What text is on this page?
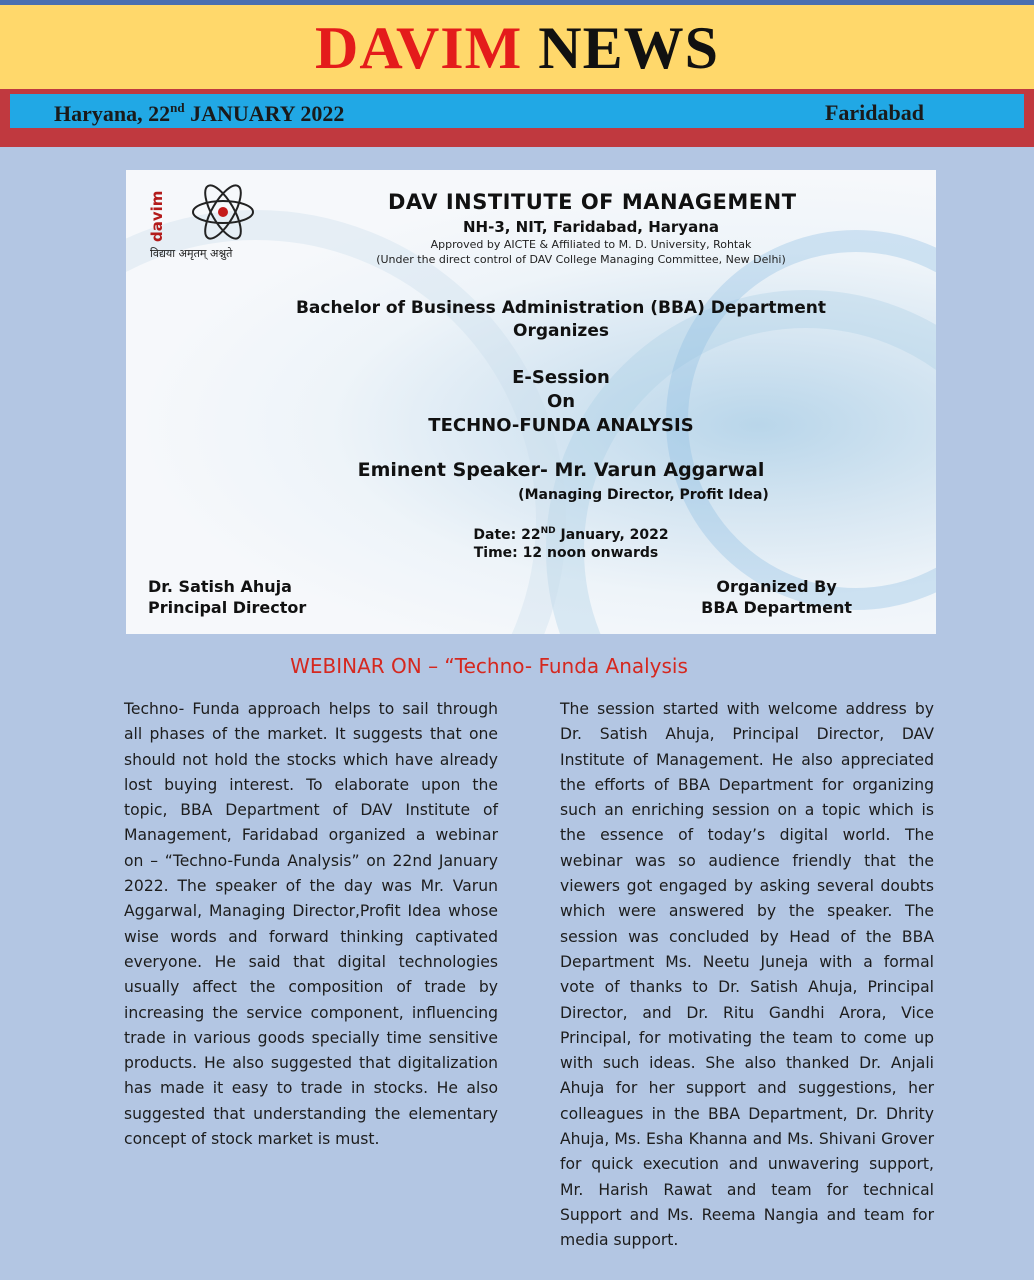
DAVIM NEWS
Haryana, 22nd JANUARY 2022	Faridabad
davim
विद्यया अमृतम् अश्नुते
DAV INSTITUTE OF MANAGEMENT
NH-3, NIT, Faridabad, Haryana
Approved by AICTE & Affiliated to M. D. University, Rohtak
(Under the direct control of DAV College Managing Committee, New Delhi)
Bachelor of Business Administration (BBA) Department
Organizes
E-Session
On
TECHNO-FUNDA ANALYSIS
Eminent Speaker- Mr. Varun Aggarwal
(Managing Director, Profit Idea)
Date: 22ND January, 2022
Time: 12 noon onwards
Dr. Satish Ahuja
Principal Director
Organized By
BBA Department
WEBINAR ON – “Techno- Funda Analysis
Techno- Funda approach helps to sail through all phases of the market. It suggests that one should not hold the stocks which have already lost buying interest. To elaborate upon the topic, BBA Department of DAV Institute of Management, Faridabad organized a webinar on – “Techno-Funda Analysis” on 22nd January 2022. The speaker of the day was Mr. Varun Aggarwal, Managing Director,Profit Idea whose wise words and forward thinking captivated everyone. He said that digital technologies usually affect the composition of trade by increasing the service component, influencing trade in various goods specially time sensitive products. He also suggested that digitalization has made it easy to trade in stocks. He also suggested that understanding the elementary concept of stock market is must.
The session started with welcome address by Dr. Satish Ahuja, Principal Director, DAV Institute of Management. He also appreciated the efforts of BBA Department for organizing such an enriching session on a topic which is the essence of today’s digital world. The webinar was so audience friendly that the viewers got engaged by asking several doubts which were answered by the speaker. The session was concluded by Head of the BBA Department Ms. Neetu Juneja with a formal vote of thanks to Dr. Satish Ahuja, Principal Director, and Dr. Ritu Gandhi Arora, Vice Principal, for motivating the team to come up with such ideas. She also thanked Dr. Anjali Ahuja for her support and suggestions, her colleagues in the BBA Department, Dr. Dhrity Ahuja, Ms. Esha Khanna and Ms. Shivani Grover for quick execution and unwavering support, Mr. Harish Rawat and team for technical Support and Ms. Reema Nangia and team for media support.
